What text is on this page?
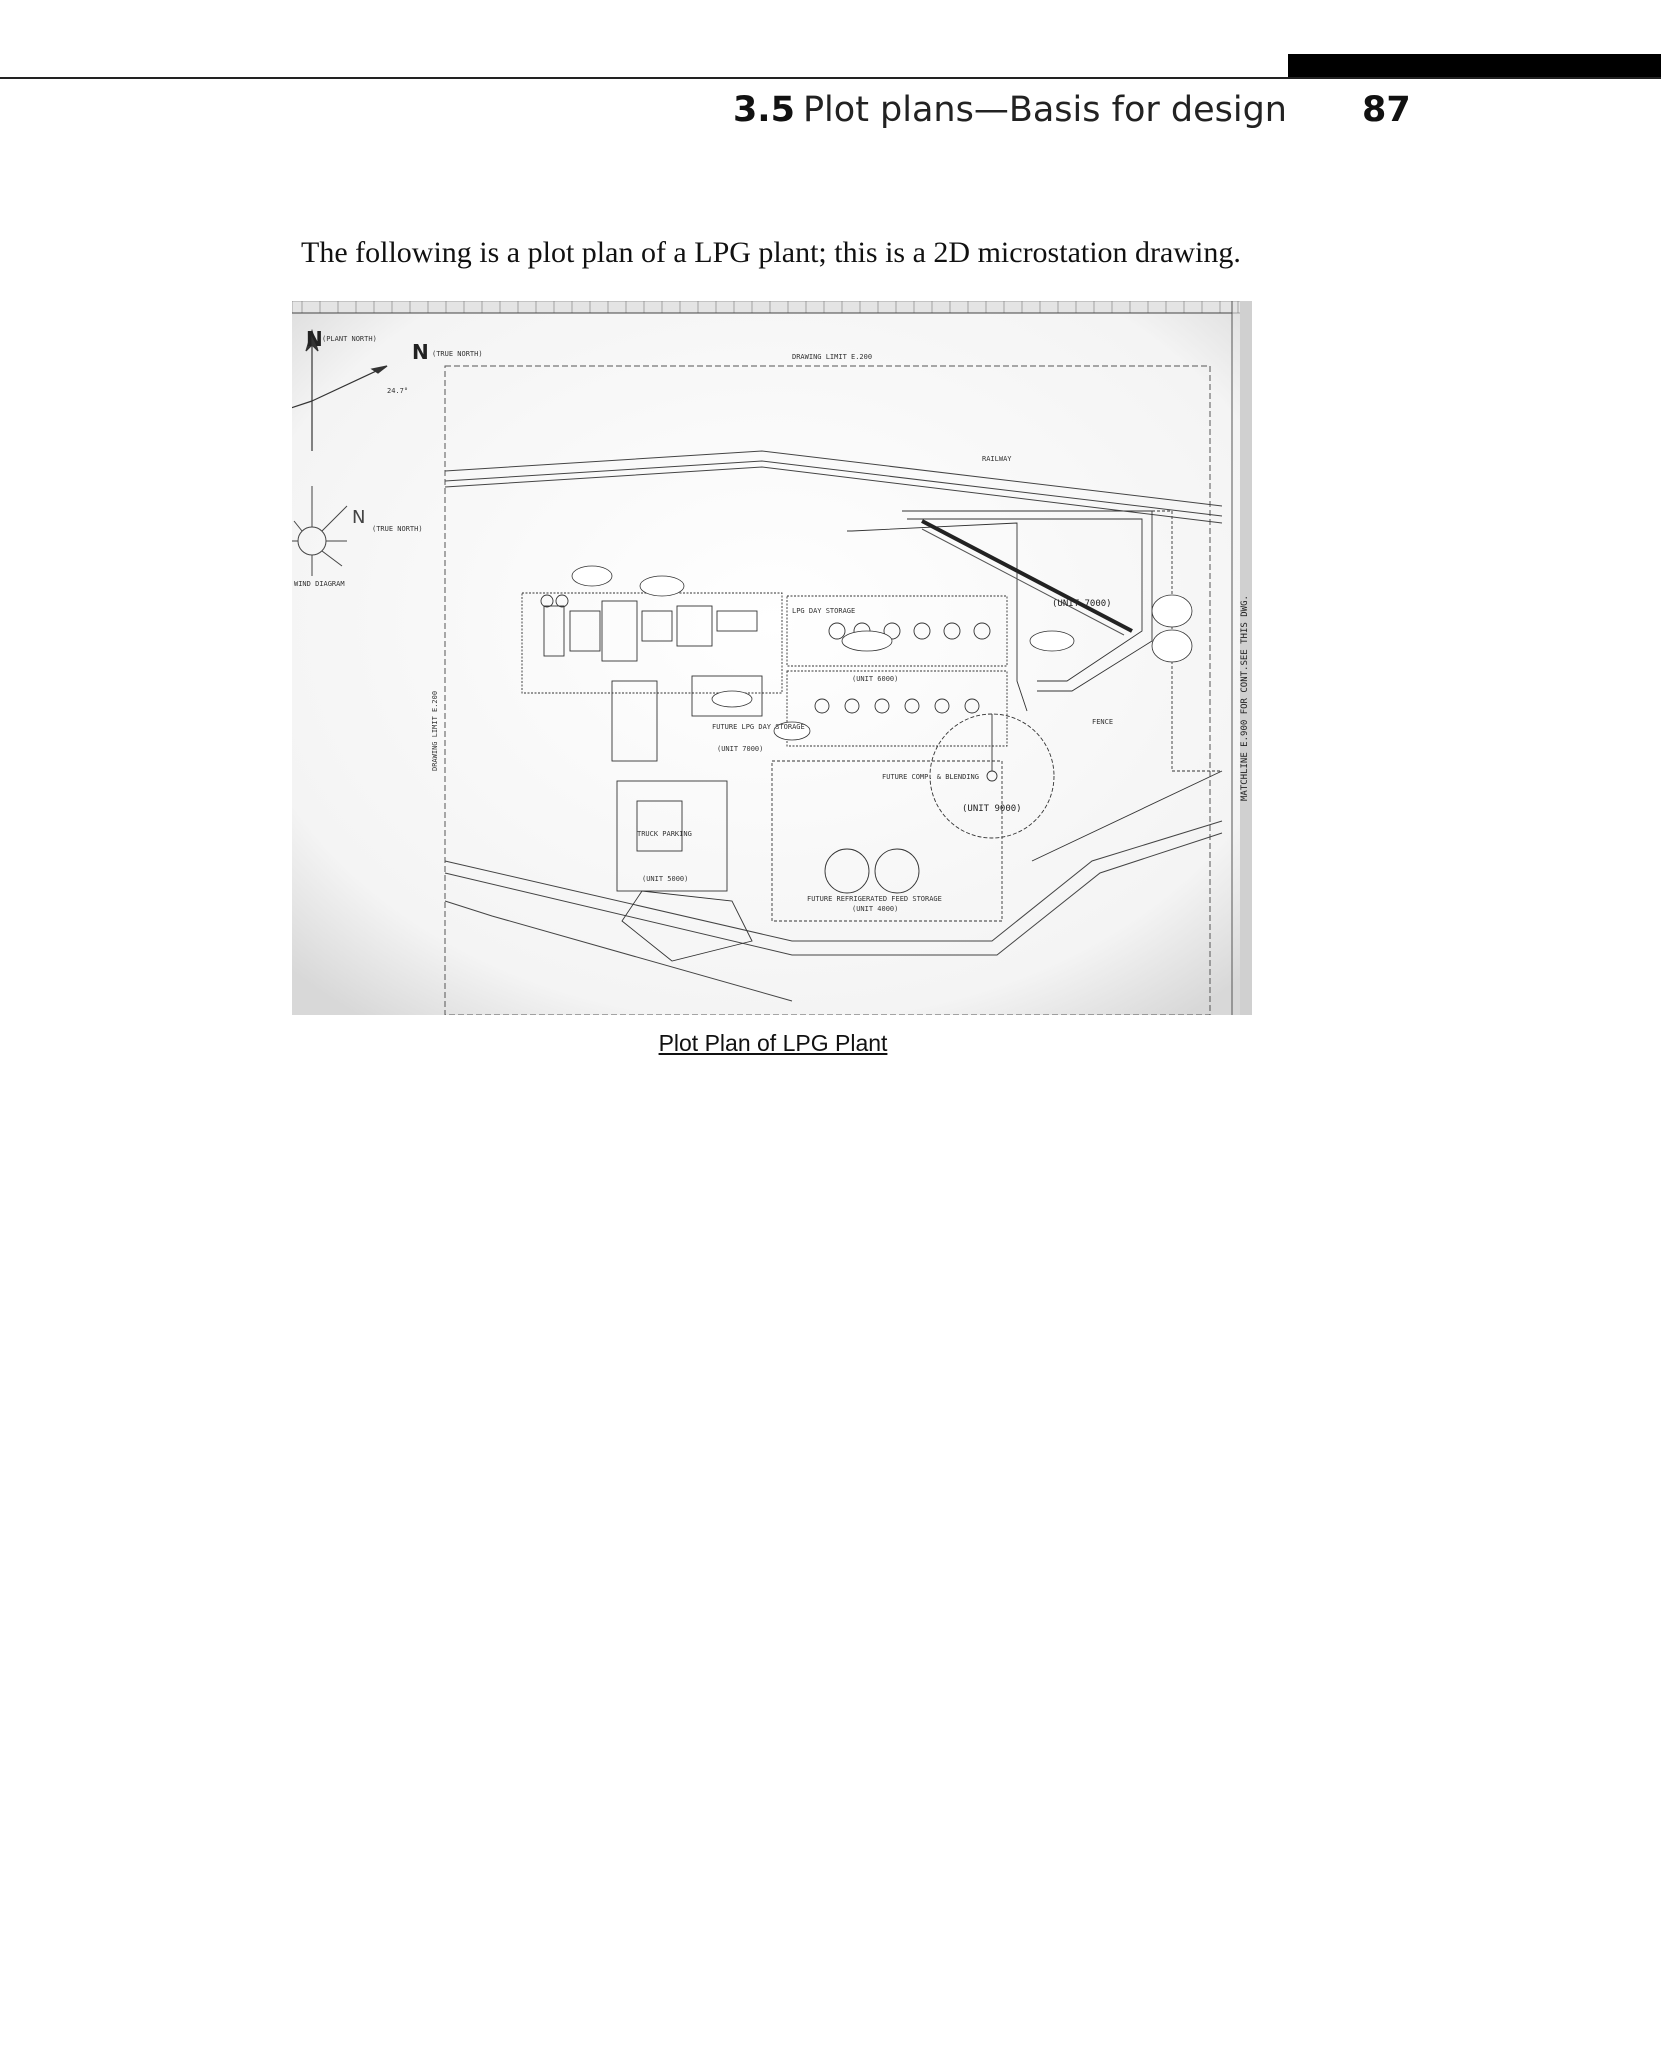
3.5 Plot plans—Basis for design 87
The following is a plot plan of a LPG plant; this is a 2D microstation drawing.
N
N
(PLANT NORTH)
(TRUE NORTH)
24.7°
N
(TRUE NORTH)
WIND DIAGRAM
DRAWING LIMIT E.200
DRAWING LIMIT E.200	MATCHLINE E.900 FOR CONT.SEE THIS DWG.
RAILWAY
(UNIT 7000)
(UNIT 9000)
(UNIT 6000)
(UNIT 5000)
(UNIT 4000)
(UNIT 7000)
LPG DAY STORAGE
FUTURE LPG DAY STORAGE
FUTURE REFRIGERATED FEED STORAGE
FUTURE COMP. & BLENDING
TRUCK PARKING
FENCE
Plot Plan of LPG Plant
